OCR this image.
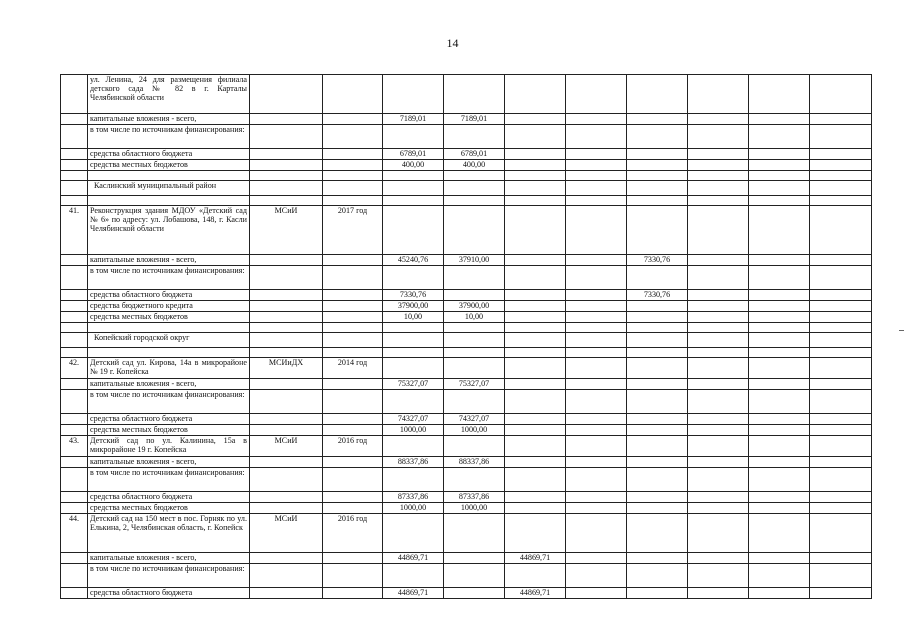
14
	ул. Ленина, 24 для размещения филиала детского сада № 82 в г. Карталы Челябинской области										
	капитальные вложения - всего,			7189,01	7189,01						
	в том числе по источникам финансирования:										
	средства областного бюджета			6789,01	6789,01						
	средства местных бюджетов			400,00	400,00						

	Каслинский муниципальный район										

41.	Реконструкция здания МДОУ «Детский сад № 6» по адресу: ул. Лобашова, 148, г. Касли Челябинской области	МСиИ	2017 год								
	капитальные вложения - всего,			45240,76	37910,00			7330,76			
	в том числе по источникам финансирования:										
	средства областного бюджета			7330,76				7330,76			
	средства бюджетного кредита			37900,00	37900,00						
	средства местных бюджетов			10,00	10,00						

	Копейский городской округ										

42.	Детский сад ул. Кирова, 14а в микрорайоне № 19 г. Копейска	МСИиДХ	2014 год								
	капитальные вложения - всего,			75327,07	75327,07						
	в том числе по источникам финансирования:										
	средства областного бюджета			74327,07	74327,07						
	средства местных бюджетов			1000,00	1000,00						
43.	Детский сад по ул. Калинина, 15а в микрорайоне 19 г. Копейска	МСиИ	2016 год								
	капитальные вложения - всего,			88337,86	88337,86						
	в том числе по источникам финансирования:										
	средства областного бюджета			87337,86	87337,86						
	средства местных бюджетов			1000,00	1000,00						
44.	Детский сад на 150 мест в пос. Горняк по ул. Елькина, 2, Челябинская область, г. Копейск	МСиИ	2016 год								
	капитальные вложения - всего,			44869,71		44869,71					
	в том числе по источникам финансирования:										
	средства областного бюджета			44869,71		44869,71					
